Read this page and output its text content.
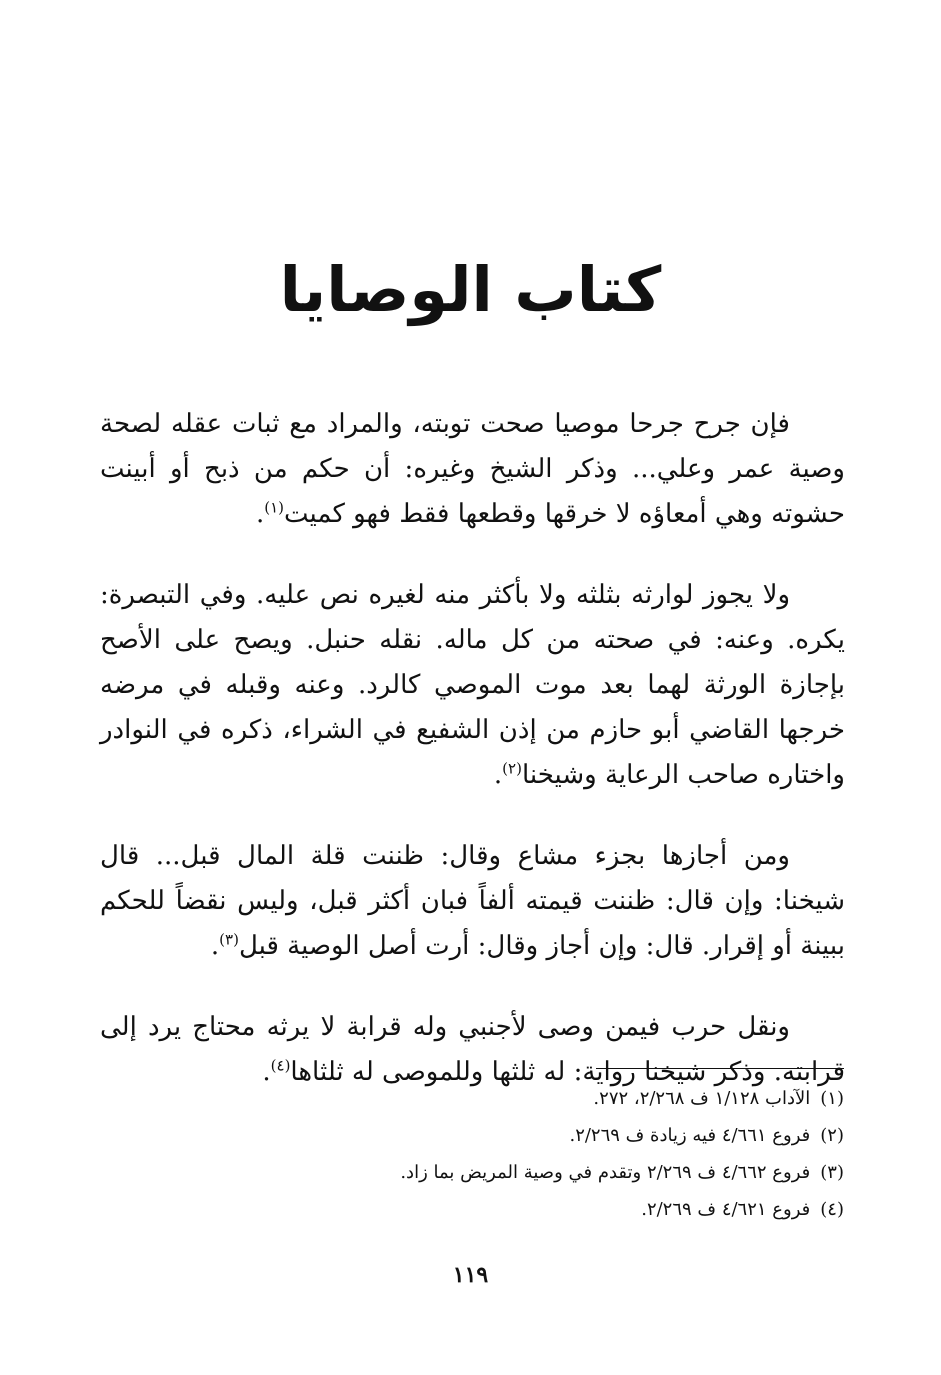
كتاب الوصايا

فإن جرح جرحا موصيا صحت توبته، والمراد مع ثبات عقله لصحة وصية عمر وعلي... وذكر الشيخ وغيره: أن حكم من ذبح أو أبينت حشوته وهي أمعاؤه لا خرقها وقطعها فقط فهو كميت$^{(١)}$.

ولا يجوز لوارثه بثلثه ولا بأكثر منه لغيره نص عليه. وفي التبصرة: يكره. وعنه: في صحته من كل ماله. نقله حنبل. ويصح على الأصح بإجازة الورثة لهما بعد موت الموصي كالرد. وعنه وقبله في مرضه خرجها القاضي أبو حازم من إذن الشفيع في الشراء، ذكره في النوادر واختاره صاحب الرعاية وشيخنا$^{(٢)}$.

ومن أجازها بجزء مشاع وقال: ظننت قلة المال قبل... قال شيخنا: وإن قال: ظننت قيمته ألفاً فبان أكثر قبل، وليس نقضاً للحكم ببينة أو إقرار. قال: وإن أجاز وقال: أرت أصل الوصية قبل$^{(٣)}$.

ونقل حرب فيمن وصى لأجنبي وله قرابة لا يرثه محتاج يرد إلى قرابته. وذكر شيخنا رواية: له ثلثها وللموصى له ثلثاها$^{(٤)}$.

(١)الآداب ١/١٢٨ ف ٢/٢٦٨، ٢٧٢.
(٢)فروع ٤/٦٦١ فيه زيادة ف ٢/٢٦٩.
(٣)فروع ٤/٦٦٢ ف ٢/٢٦٩ وتقدم في وصية المريض بما زاد.
(٤)فروع ٤/٦٢١ ف ٢/٢٦٩.
١١٩
